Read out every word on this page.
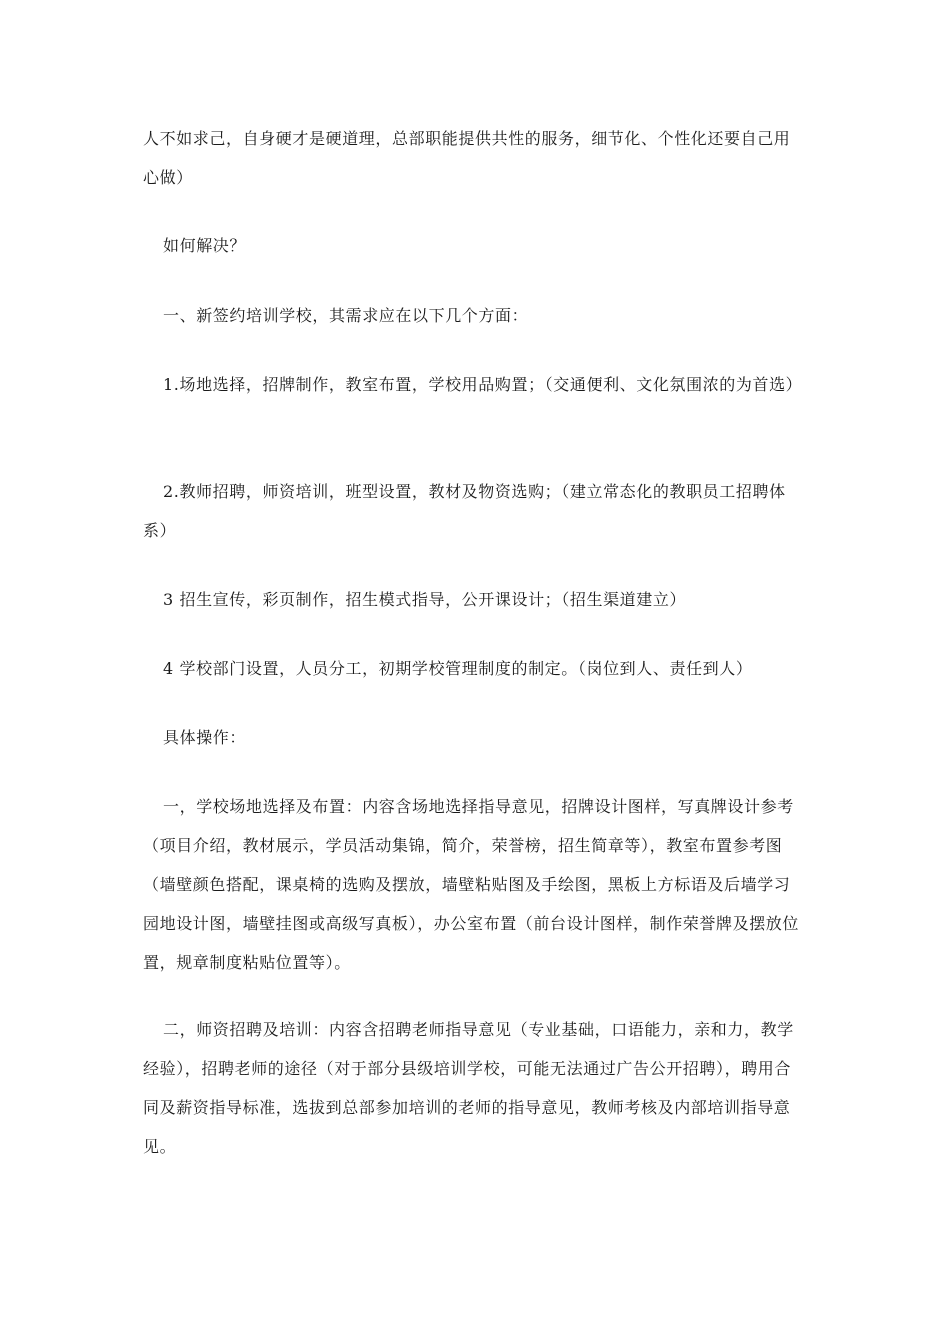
人不如求己，自身硬才是硬道理，总部职能提供共性的服务，细节化、个性化还要自己用心做）

如何解决？

一、新签约培训学校，其需求应在以下几个方面：

1.场地选择，招牌制作，教室布置，学校用品购置；（交通便利、文化氛围浓的为首选）

2.教师招聘，师资培训，班型设置，教材及物资选购；（建立常态化的教职员工招聘体系）

3 招生宣传，彩页制作，招生模式指导，公开课设计；（招生渠道建立）

4 学校部门设置，人员分工，初期学校管理制度的制定。（岗位到人、责任到人）

具体操作：

一，学校场地选择及布置：内容含场地选择指导意见，招牌设计图样，写真牌设计参考（项目介绍，教材展示，学员活动集锦，简介，荣誉榜，招生简章等），教室布置参考图（墙壁颜色搭配，课桌椅的选购及摆放，墙壁粘贴图及手绘图，黑板上方标语及后墙学习园地设计图，墙壁挂图或高级写真板），办公室布置（前台设计图样，制作荣誉牌及摆放位置，规章制度粘贴位置等）。

二，师资招聘及培训：内容含招聘老师指导意见（专业基础，口语能力，亲和力，教学经验），招聘老师的途径（对于部分县级培训学校，可能无法通过广告公开招聘），聘用合同及薪资指导标准，选拔到总部参加培训的老师的指导意见，教师考核及内部培训指导意见。
